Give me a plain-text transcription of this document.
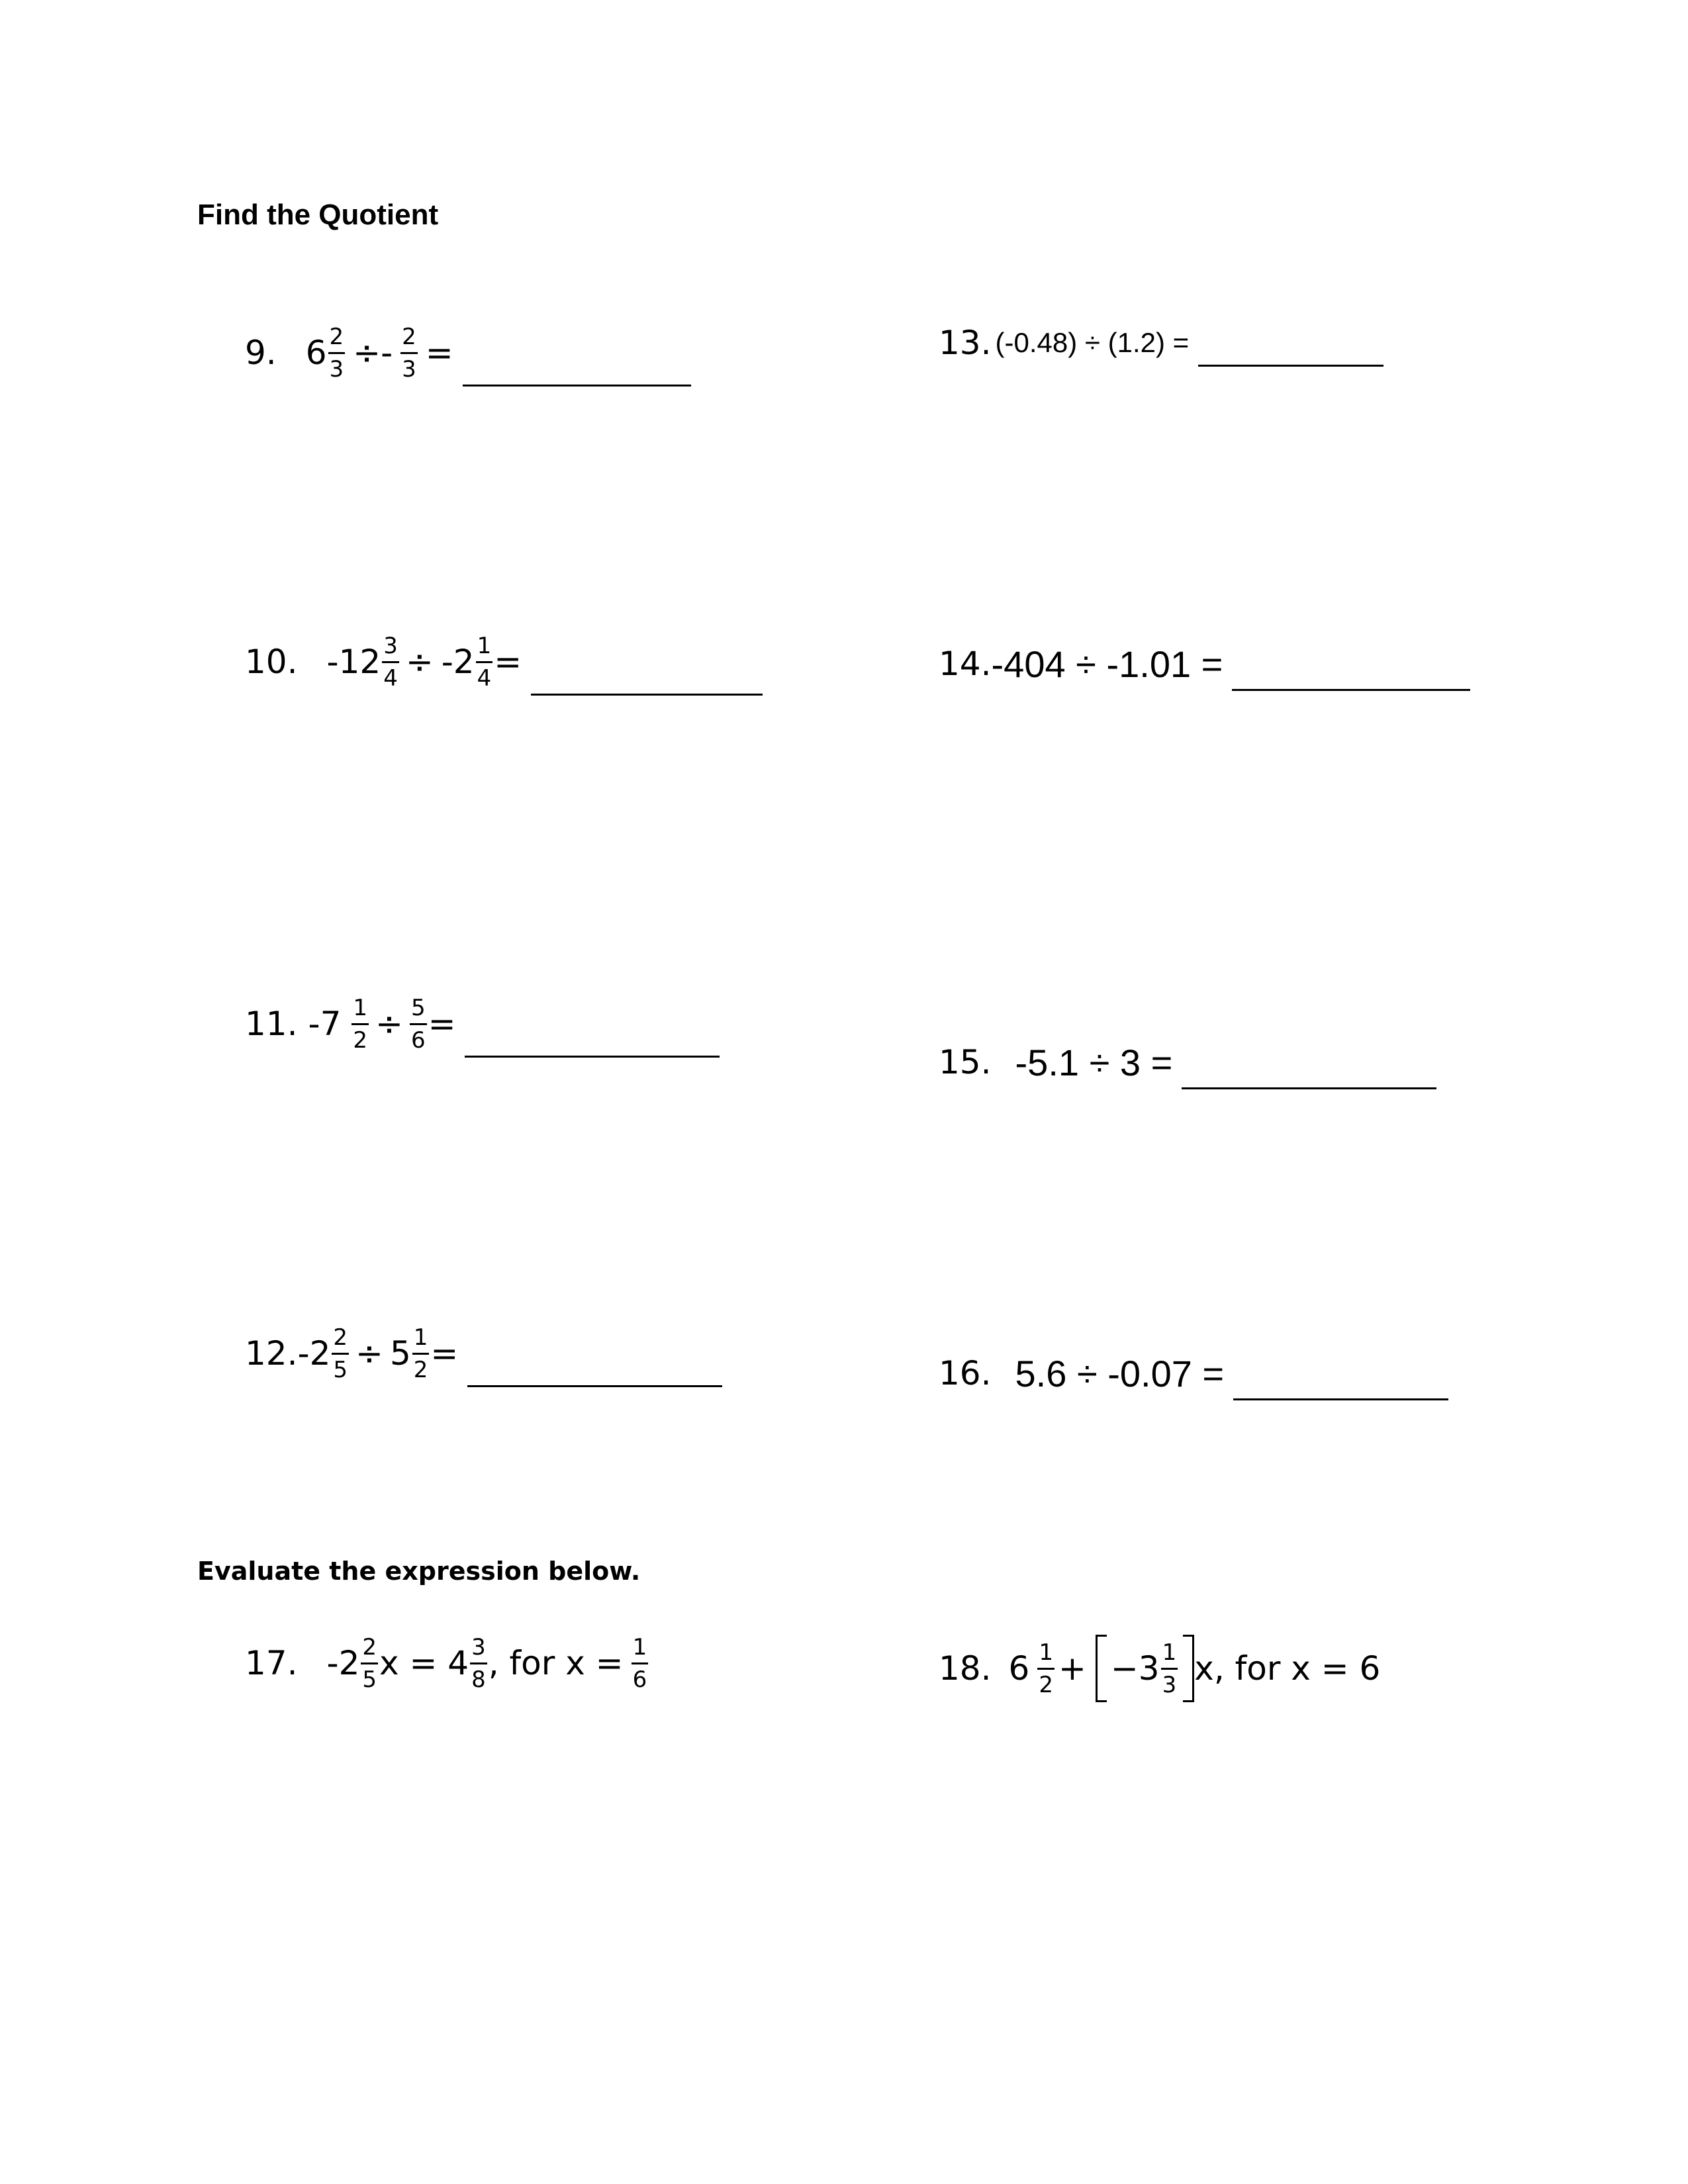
Find the Quotient
9. $6 \frac{2}{3} \div- \frac{2}{3}$ =	13. (-0.48) ÷ (1.2) =
10. $-12 \frac{3}{4} \div -2 \frac{1}{4}$ =	14. -404 ÷ -1.01 =
11. $-7 \frac{1}{2} \div \frac{5}{6}$ =
15. -5.1 ÷ 3 =
12. $-2 \frac{2}{5} \div 5 \frac{1}{2}$ =
16. 5.6 ÷ -0.07 =
Evaluate the expression below.
17. $-2 \frac{2}{5}$ $x = 4 \frac{3}{8}$ , for $x = \frac{1}{6}$	18. $6 \frac{1}{2} + -3 \frac{1}{3} x$, for x = 6
